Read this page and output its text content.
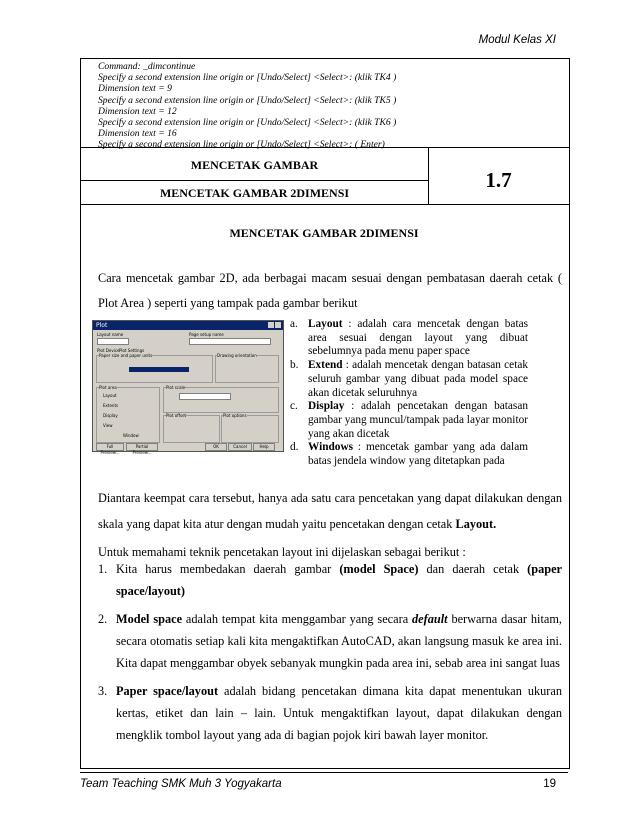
Modul Kelas XI
Command: _dimcontinue
Specify a second extension line origin or [Undo/Select] <Select>: (klik TK4 )
Dimension text = 9
Specify a second extension line origin or [Undo/Select] <Select>: (klik TK5 )
Dimension text = 12
Specify a second extension line origin or [Undo/Select] <Select>: (klik TK6 )
Dimension text = 16
Specify a second extension line origin or [Undo/Select] <Select>: ( Enter)
MENCETAK GAMBAR
MENCETAK GAMBAR 2DIMENSI
1.7
MENCETAK GAMBAR 2DIMENSI
Cara mencetak gambar 2D, ada berbagai macam sesuai dengan pembatasan daerah cetak ( Plot Area ) seperti yang tampak pada gambar berikut
Plot
Layout name	Page setup name
Plot Device Plot Settings
Paper size and paper units	Drawing orientation
Plot area
Layout
Extents
Display
View
Window
Plot scale
Plot offset	Plot options
Full Preview...
Partial Preview...
OK	Cancel	Help
a. Layout : adalah cara mencetak dengan batas area sesuai dengan layout yang dibuat sebelumnya pada menu paper space
b. Extend : adalah mencetak dengan batasan cetak seluruh gambar yang dibuat pada model space akan dicetak seluruhnya
c. Display : adalah pencetakan dengan batasan gambar yang muncul/tampak pada layar monitor yang akan dicetak
d. Windows : mencetak gambar yang ada dalam batas jendela window yang ditetapkan pada
Diantara keempat cara tersebut, hanya ada satu cara pencetakan yang dapat dilakukan dengan skala yang dapat kita atur dengan mudah yaitu pencetakan dengan cetak Layout.
Untuk memahami teknik pencetakan layout ini dijelaskan sebagai berikut :
1. Kita harus membedakan daerah gambar (model Space) dan daerah cetak (paper space/layout)
2. Model space adalah tempat kita menggambar yang secara default berwarna dasar hitam, secara otomatis setiap kali kita mengaktifkan AutoCAD, akan langsung masuk ke area ini. Kita dapat menggambar obyek sebanyak mungkin pada area ini, sebab area ini sangat luas
3. Paper space/layout adalah bidang pencetakan dimana kita dapat menentukan ukuran kertas, etiket dan lain – lain. Untuk mengaktifkan layout, dapat dilakukan dengan mengklik tombol layout yang ada di bagian pojok kiri bawah layer monitor.
Team Teaching SMK Muh 3 Yogyakarta	19
